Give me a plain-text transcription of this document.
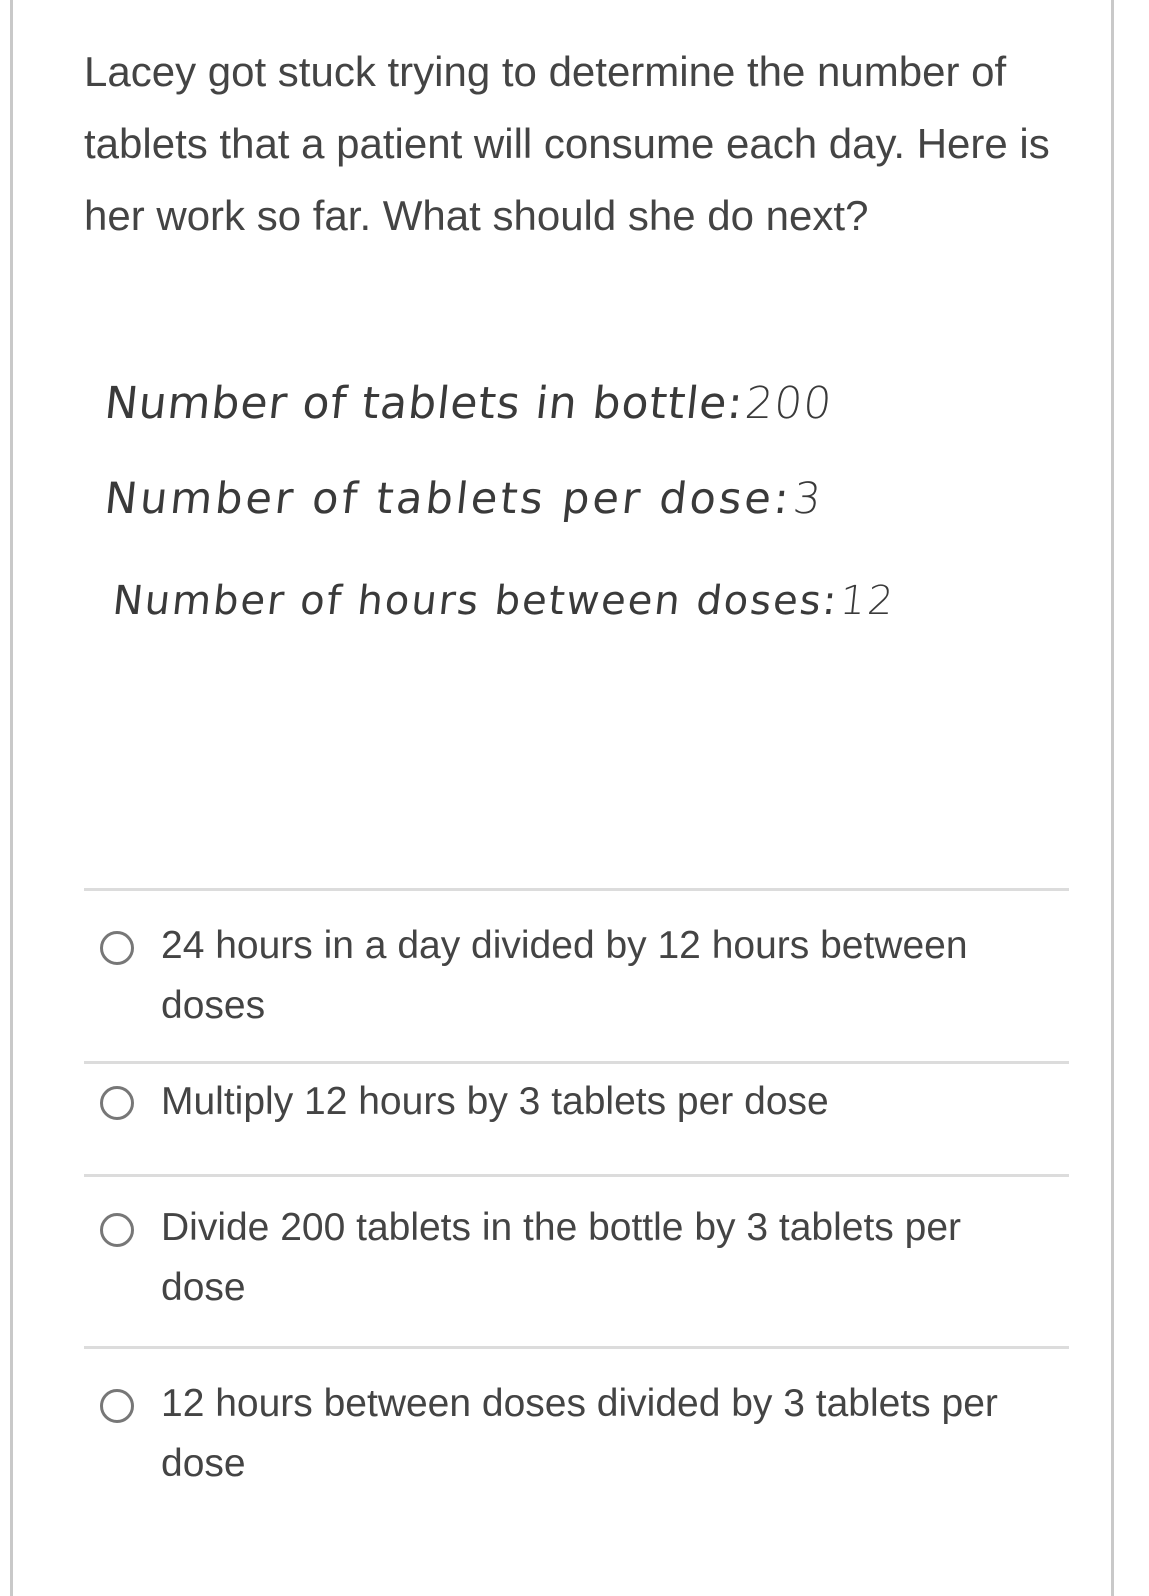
Lacey got stuck trying to determine the number of tablets that a patient will consume each day. Here is her work so far. What should she do next?

Number of tablets in bottle:200
Number of tablets per dose:3
Number of hours between doses:12
24 hours in a day divided by 12 hours between doses
Multiply 12 hours by 3 tablets per dose
Divide 200 tablets in the bottle by 3 tablets per dose
12 hours between doses divided by 3 tablets per dose
